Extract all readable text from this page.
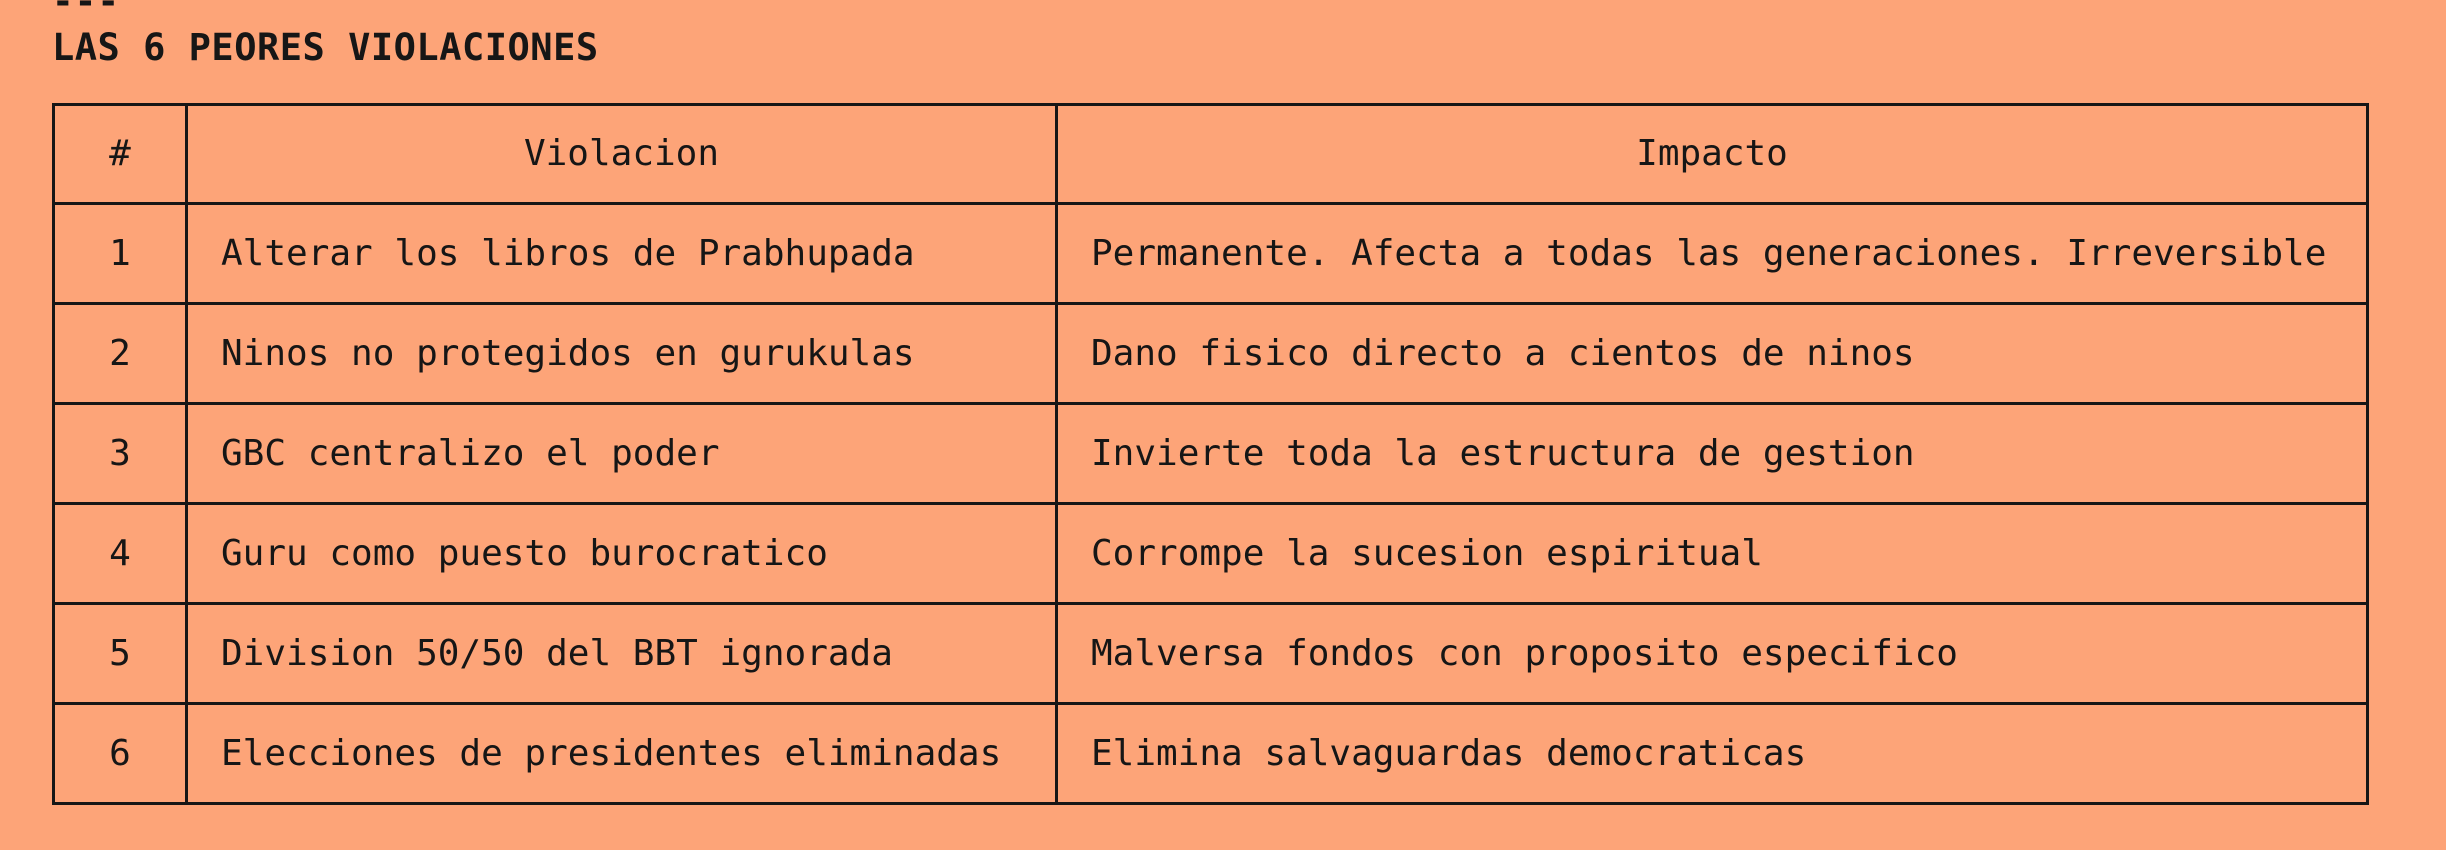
---
LAS 6 PEORES VIOLACIONES
#	Violacion	Impacto
1	Alterar los libros de Prabhupada	Permanente. Afecta a todas las generaciones. Irreversible
2	Ninos no protegidos en gurukulas	Dano fisico directo a cientos de ninos
3	GBC centralizo el poder	Invierte toda la estructura de gestion
4	Guru como puesto burocratico	Corrompe la sucesion espiritual
5	Division 50/50 del BBT ignorada	Malversa fondos con proposito especifico
6	Elecciones de presidentes eliminadas	Elimina salvaguardas democraticas
